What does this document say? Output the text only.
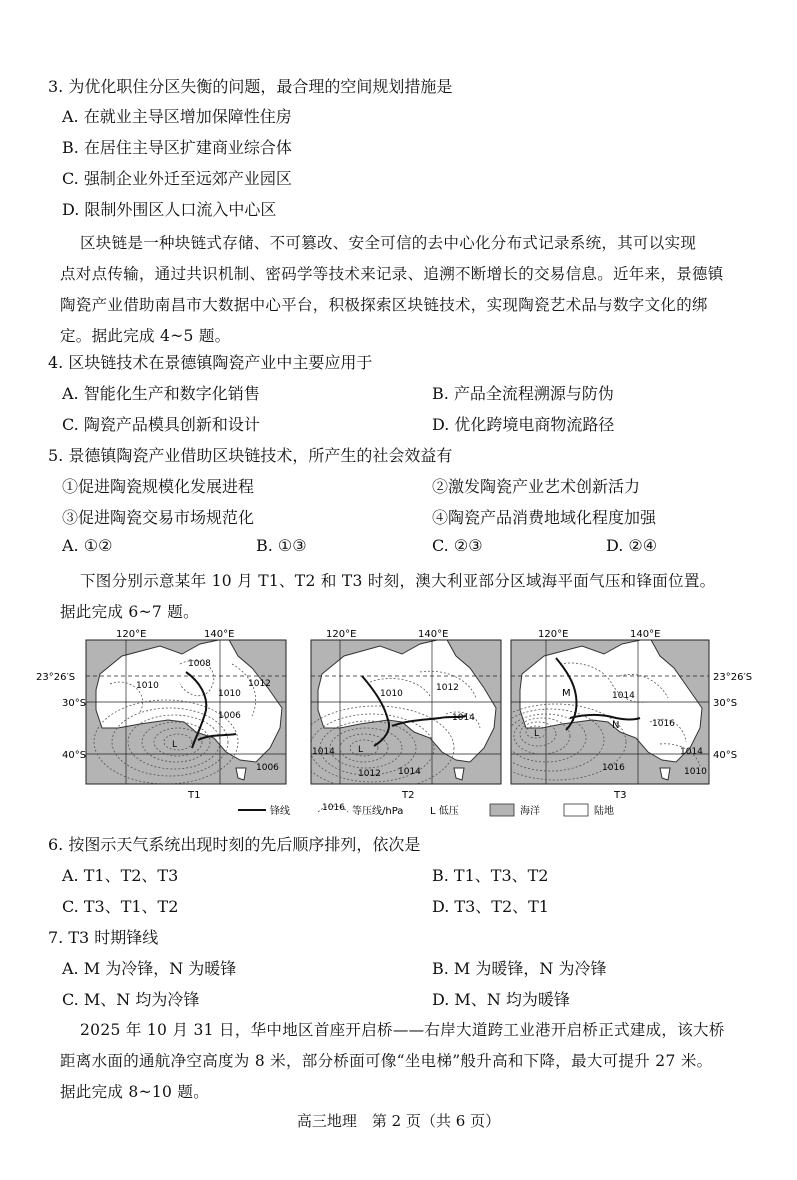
3. 为优化职住分区失衡的问题，最合理的空间规划措施是
A. 在就业主导区增加保障性住房
B. 在居住主导区扩建商业综合体
C. 强制企业外迁至远郊产业园区
D. 限制外围区人口流入中心区

区块链是一种块链式存储、不可篡改、安全可信的去中心化分布式记录系统，其可以实现

点对点传输，通过共识机制、密码学等技术来记录、追溯不断增长的交易信息。近年来，景德镇

陶瓷产业借助南昌市大数据中心平台，积极探索区块链技术，实现陶瓷艺术品与数字文化的绑

定。据此完成 4~5 题。

4. 区块链技术在景德镇陶瓷产业中主要应用于
A. 智能化生产和数字化销售	B. 产品全流程溯源与防伪
C. 陶瓷产品模具创新和设计	D. 优化跨境电商物流路径
5. 景德镇陶瓷产业借助区块链技术，所产生的社会效益有
①促进陶瓷规模化发展进程	②激发陶瓷产业艺术创新活力
③促进陶瓷交易市场规范化	④陶瓷产品消费地域化程度加强
A. ①②	B. ①③	C. ②③	D. ②④

下图分别示意某年 10 月 T1、T2 和 T3 时刻，澳大利亚部分区域海平面气压和锋面位置。

据此完成 6~7 题。

120°E	140°E	120°E	140°E	120°E	140°E
23°26′S
30°S
40°S
23°26′S
30°S
40°S
1008
1010
1010
1012
1006
1006
L
T1
1010
1012
1014
1014
1012 1014
L
T2
1014
1016
1016
1014
1010
M
N
L
T3
锋线	1016 等压线/hPa	L 低压	海洋	陆地
6. 按图示天气系统出现时刻的先后顺序排列，依次是
A. T1、T2、T3	B. T1、T3、T2
C. T3、T1、T2	D. T3、T2、T1
7. T3 时期锋线
A. M 为冷锋，N 为暖锋	B. M 为暖锋，N 为冷锋
C. M、N 均为冷锋	D. M、N 均为暖锋

2025 年 10 月 31 日，华中地区首座开启桥——右岸大道跨工业港开启桥正式建成，该大桥

距离水面的通航净空高度为 8 米，部分桥面可像“坐电梯”般升高和下降，最大可提升 27 米。

据此完成 8~10 题。

高三地理　第 2 页（共 6 页）
